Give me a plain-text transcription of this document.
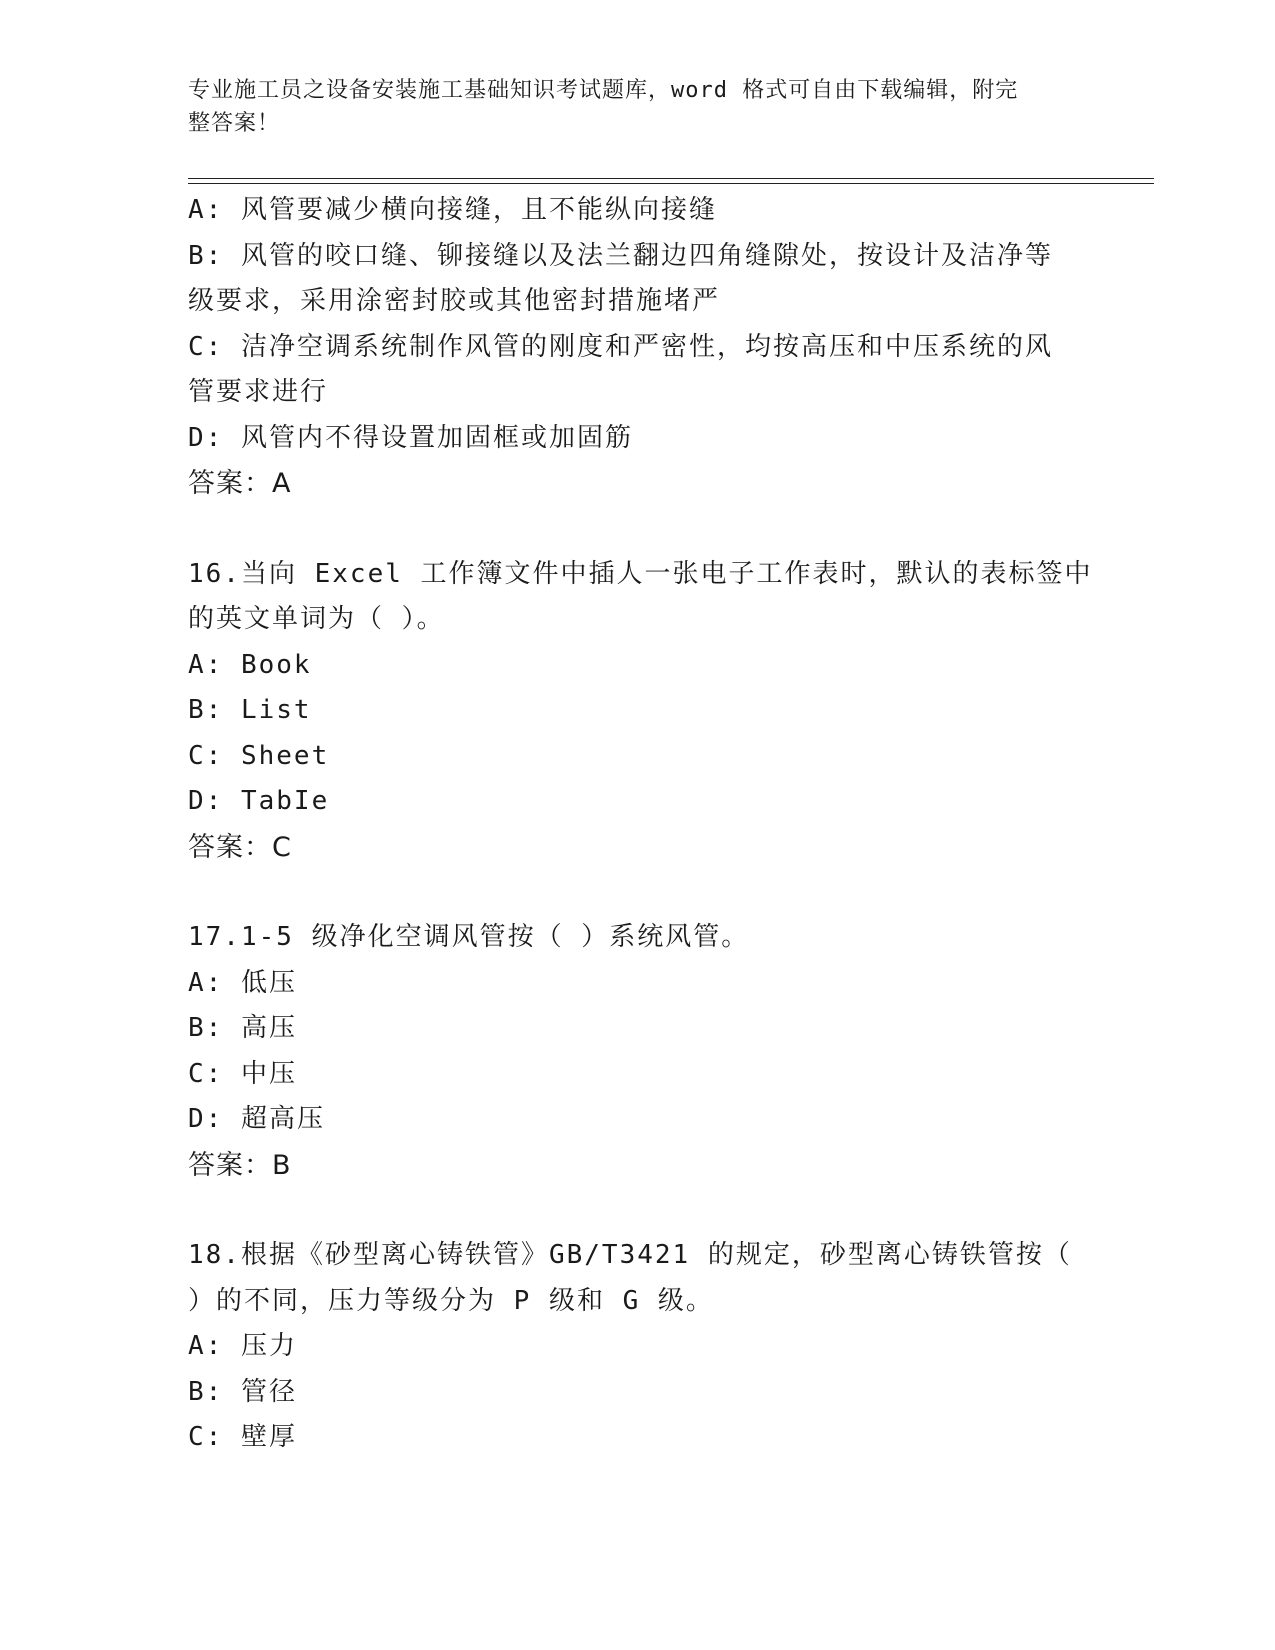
专业施工员之设备安装施工基础知识考试题库，word 格式可自由下载编辑，附完
整答案！
A: 风管要减少横向接缝，且不能纵向接缝
B: 风管的咬口缝、铆接缝以及法兰翻边四角缝隙处，按设计及洁净等
级要求，采用涂密封胶或其他密封措施堵严
C: 洁净空调系统制作风管的刚度和严密性，均按高压和中压系统的风
管要求进行
D: 风管内不得设置加固框或加固筋
答案：A
16.当向 Excel 工作簿文件中插人一张电子工作表时，默认的表标签中
的英文单词为（ ）。
A: Book
B: List
C: Sheet
D: TabIe
答案：C
17.1-5 级净化空调风管按（ ）系统风管。
A: 低压
B: 高压
C: 中压
D: 超高压
答案：B
18.根据《砂型离心铸铁管》GB/T3421 的规定，砂型离心铸铁管按（
）的不同，压力等级分为 P 级和 G 级。
A: 压力
B: 管径
C: 壁厚
